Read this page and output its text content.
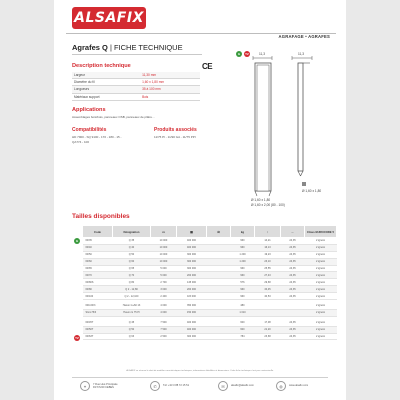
ALSAFIX
AGRAFAGE • AGRAFES
Agrafes Q | FICHE TECHNIQUE
CE
Description technique
Largeur	11,30 mm
Diamètre du fil	1,60 x 1,80 mm
Longueurs	35 à 100 mm
Matériaux support	Bois
Applications
Assemblages bois/bois, panneaux OSB, panneaux de plâtre…
Compatibilités
HD 7900 - SQ 9100 - 170 - 180 - 15 -
QA774 - 100
Produits associés
11/75 PI - 11/90 GA - 11/75 PPI
G	TZ	11,3	11,3
Ø 1,60 x 1,80
Ø 1,60 x 1,80
Ø 1,60 x 2,00 (80 - 100)
Tailles disponibles
G
TZ
Code	Désignation	▭	▦	⚖	kg	↕	↔	Clous EUROCODE 5
60/35	Q 35	10 000	400 000		960	14,21	24,35	2 ignoré
60/40	Q 40	10 000	400 000		960	16,13	24,35	2 ignoré
60/50	Q 50	10 000	300 000		1 200	19,23	24,35	2 ignoré
60/60	Q 60	10 000	300 000		1 200	23,10	24,35	2 ignoré
60/65	Q 65	5 000	300 000		960	25,55	24,35	2 ignoré
60/70	Q 70	5 000	200 000		960	27,43	24,35	2 ignoré
60/80S	Q 80	2 700	145 000		576	29,68	24,35	2 ignoré
60/80	Q 2 - 12,80	3 000	200 000		960	34,45	24,35	2 ignoré
60/100	Q 2 - 12,100	2 400	115 000		960	40,53	24,35	2 ignoré

600-60/3	Haxon G+60 13	4 000	350 000		480			2 ignoré
SG4-75/3	Haxon G 75 PI	4 000	150 000		1 010			2 ignoré

60/45T	Q 45	7 500	400 000		600	17,08	24,35	2 ignoré
60/50T	Q 50	7 500	400 000		600	21,20	24,35	2 ignoré
60/63T	Q 63	2 500	300 000		784	23,68	24,35	2 ignoré
ALSAFIX se réserve le droit de modifier caractéristiques techniques, informations détaillées et dimensions. Cette fiche technique n'est pas contractuelle.
⌖	7 Rue Hué Principale
FR 67240 CEBES	✆	Tél: +33 3 88 72 15 51	✉	alsafix@alsafix.com	◍	www.alsafix.com
